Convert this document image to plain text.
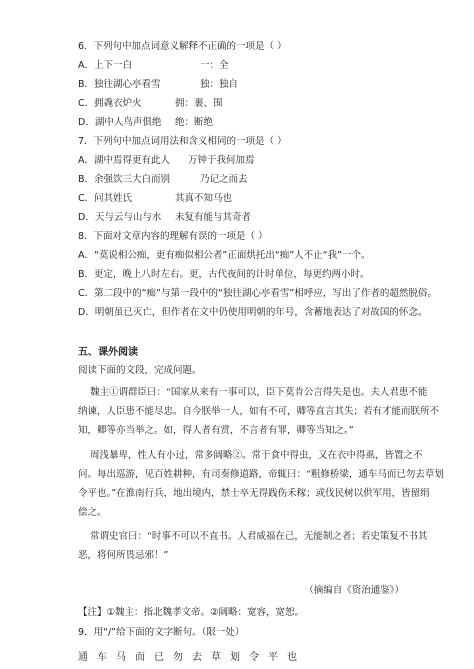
6．下列句中加点词意义解释不正确的一项是（ ）
A．上下一白	一：全
B．独往湖心亭看雪	独：独自
C．拥毳衣炉火	拥：裹、围
D．湖中人鸟声俱绝 绝：断绝
7．下列句中加点词用法和含义相同的一项是（ ）
A．湖中焉得更有此人 万钟于我何加焉
B．余强饮三大白而别	乃记之而去
C．问其姓氏	其真不知马也
D．天与云与山与水 未复有能与其奇者
8．下面对文章内容的理解有误的一项是（ ）
A．“莫说相公痴，更有痴似相公者”正面烘托出“痴”人不止“我”一个。
B．更定，晚上八时左右。更，古代夜间的计时单位，每更约两小时。
C．第二段中的“痴”与第一段中的“独往湖心亭看雪”相呼应，写出了作者的超然脱俗。
D．明朝虽已灭亡，但作者在文中仍使用明朝的年号，含蓄地表达了对故国的怀念。
五、课外阅读
阅读下面的文段，完成问题。
魏主①谓群臣曰：“国家从来有一事可以，臣下莫肯公言得失是也。夫人君患不能
纳谏，人臣患不能尽忠。自今朕举一人，如有不可，卿等直言其失；若有才能而朕所不
知，卿等亦当举之。如，得人者有赏，不言者有罪，卿等当知之。”
周浅暴卑，性人有小过，常多阔略②。常于食中得虫，又在衣中得虱，皆置之不
问。每出巡游，见百姓耕种，有司奏修道路，帝辄曰：“粗修桥梁，通车马而已勿去草划
令平也。”在淮南行兵，地出境内，禁士卒无得践伤禾稼；或伐民树以供军用，皆留绢
偿之。
常谓史官曰：“时事不可以不直书。人君威福在己，无能制之者；若史策复不书其
恶，将何所畏忌邪！”
（摘编自《资治通鉴》）
【注】①魏主：指北魏孝文帝。②阔略：宽容，宽恕。
9．用“/”给下面的文字断句。（限一处）
通车马而已勿去草划令平也
